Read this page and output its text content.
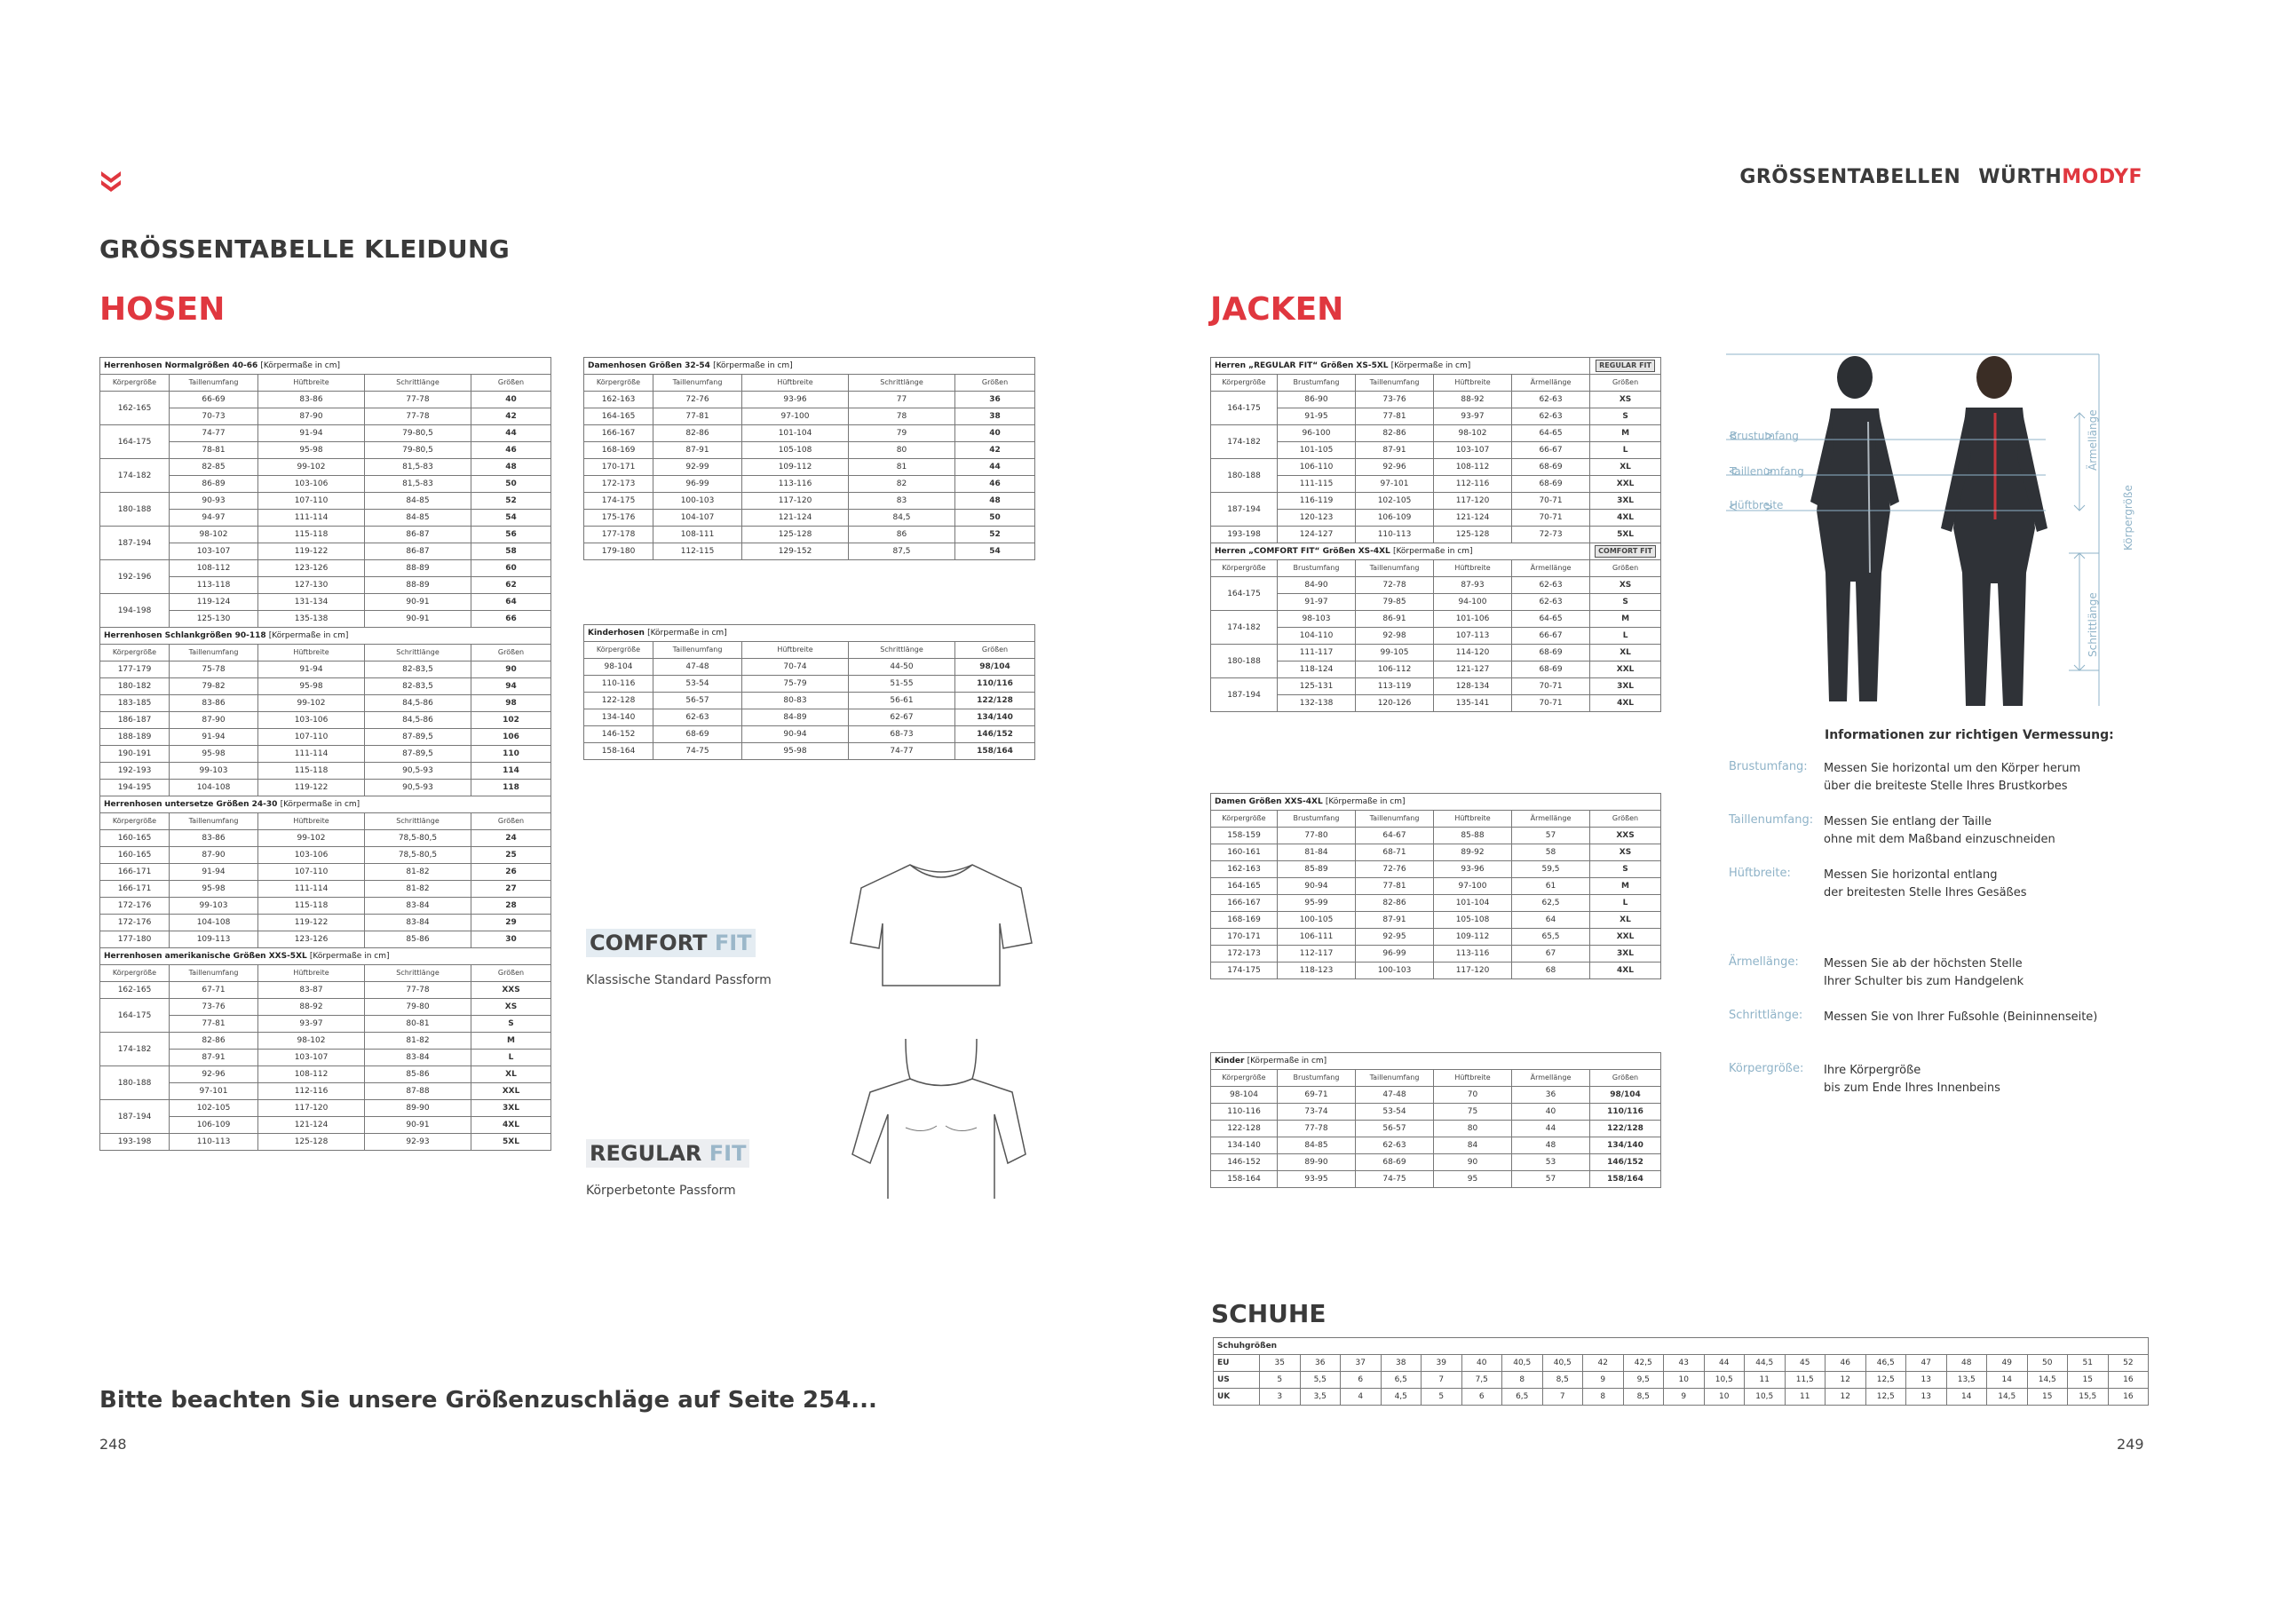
GRÖSSENTABELLEN WÜRTHMODYF
GRÖSSENTABELLE KLEIDUNG
HOSEN	JACKEN
SCHUHE
Herrenhosen Normalgrößen 40-66 [Körpermaße in cm]				
Körpergröße	Taillenumfang	Hüftbreite	Schrittlänge	Größen
162-165	66-69	83-86	77-78	40
	70-73	87-90	77-78	42
164-175	74-77	91-94	79-80,5	44
	78-81	95-98	79-80,5	46
174-182	82-85	99-102	81,5-83	48
	86-89	103-106	81,5-83	50
180-188	90-93	107-110	84-85	52
	94-97	111-114	84-85	54
187-194	98-102	115-118	86-87	56
	103-107	119-122	86-87	58
192-196	108-112	123-126	88-89	60
	113-118	127-130	88-89	62
194-198	119-124	131-134	90-91	64
	125-130	135-138	90-91	66
Herrenhosen Schlankgrößen 90-118 [Körpermaße in cm]				
Körpergröße	Taillenumfang	Hüftbreite	Schrittlänge	Größen
177-179	75-78	91-94	82-83,5	90
180-182	79-82	95-98	82-83,5	94
183-185	83-86	99-102	84,5-86	98
186-187	87-90	103-106	84,5-86	102
188-189	91-94	107-110	87-89,5	106
190-191	95-98	111-114	87-89,5	110
192-193	99-103	115-118	90,5-93	114
194-195	104-108	119-122	90,5-93	118
Herrenhosen untersetze Größen 24-30 [Körpermaße in cm]				
Körpergröße	Taillenumfang	Hüftbreite	Schrittlänge	Größen
160-165	83-86	99-102	78,5-80,5	24
160-165	87-90	103-106	78,5-80,5	25
166-171	91-94	107-110	81-82	26
166-171	95-98	111-114	81-82	27
172-176	99-103	115-118	83-84	28
172-176	104-108	119-122	83-84	29
177-180	109-113	123-126	85-86	30
Herrenhosen amerikanische Größen XXS-5XL [Körpermaße in cm]				
Körpergröße	Taillenumfang	Hüftbreite	Schrittlänge	Größen
162-165	67-71	83-87	77-78	XXS
164-175	73-76	88-92	79-80	XS
	77-81	93-97	80-81	S
174-182	82-86	98-102	81-82	M
	87-91	103-107	83-84	L
180-188	92-96	108-112	85-86	XL
	97-101	112-116	87-88	XXL
187-194	102-105	117-120	89-90	3XL
	106-109	121-124	90-91	4XL
193-198	110-113	125-128	92-93	5XL
Damenhosen Größen 32-54 [Körpermaße in cm]				
Körpergröße	Taillenumfang	Hüftbreite	Schrittlänge	Größen
162-163	72-76	93-96	77	36
164-165	77-81	97-100	78	38
166-167	82-86	101-104	79	40
168-169	87-91	105-108	80	42
170-171	92-99	109-112	81	44
172-173	96-99	113-116	82	46
174-175	100-103	117-120	83	48
175-176	104-107	121-124	84,5	50
177-178	108-111	125-128	86	52
179-180	112-115	129-152	87,5	54
Kinderhosen [Körpermaße in cm]				
Körpergröße	Taillenumfang	Hüftbreite	Schrittlänge	Größen
98-104	47-48	70-74	44-50	98/104
110-116	53-54	75-79	51-55	110/116
122-128	56-57	80-83	56-61	122/128
134-140	62-63	84-89	62-67	134/140
146-152	68-69	90-94	68-73	146/152
158-164	74-75	95-98	74-77	158/164
Herren „REGULAR FIT“ Größen XS-5XL [Körpermaße in cm]					REGULAR FIT
Körpergröße	Brustumfang	Taillenumfang	Hüftbreite	Ärmellänge	Größen
164-175	86-90	73-76	88-92	62-63	XS
	91-95	77-81	93-97	62-63	S
174-182	96-100	82-86	98-102	64-65	M
	101-105	87-91	103-107	66-67	L
180-188	106-110	92-96	108-112	68-69	XL
	111-115	97-101	112-116	68-69	XXL
187-194	116-119	102-105	117-120	70-71	3XL
	120-123	106-109	121-124	70-71	4XL
193-198	124-127	110-113	125-128	72-73	5XL
Herren „COMFORT FIT“ Größen XS-4XL [Körpermaße in cm]					COMFORT FIT
Körpergröße	Brustumfang	Taillenumfang	Hüftbreite	Ärmellänge	Größen
164-175	84-90	72-78	87-93	62-63	XS
	91-97	79-85	94-100	62-63	S
174-182	98-103	86-91	101-106	64-65	M
	104-110	92-98	107-113	66-67	L
180-188	111-117	99-105	114-120	68-69	XL
	118-124	106-112	121-127	68-69	XXL
187-194	125-131	113-119	128-134	70-71	3XL
	132-138	120-126	135-141	70-71	4XL
Damen Größen XXS-4XL [Körpermaße in cm]					
Körpergröße	Brustumfang	Taillenumfang	Hüftbreite	Ärmellänge	Größen
158-159	77-80	64-67	85-88	57	XXS
160-161	81-84	68-71	89-92	58	XS
162-163	85-89	72-76	93-96	59,5	S
164-165	90-94	77-81	97-100	61	M
166-167	95-99	82-86	101-104	62,5	L
168-169	100-105	87-91	105-108	64	XL
170-171	106-111	92-95	109-112	65,5	XXL
172-173	112-117	96-99	113-116	67	3XL
174-175	118-123	100-103	117-120	68	4XL
Kinder [Körpermaße in cm]					
Körpergröße	Brustumfang	Taillenumfang	Hüftbreite	Ärmellänge	Größen
98-104	69-71	47-48	70	36	98/104
110-116	73-74	53-54	75	40	110/116
122-128	77-78	56-57	80	44	122/128
134-140	84-85	62-63	84	48	134/140
146-152	89-90	68-69	90	53	146/152
158-164	93-95	74-75	95	57	158/164
COMFORT FIT
Klassische Standard Passform
REGULAR FIT
Körperbetonte Passform
Brustumfang
Taillenumfang
Hüftbreite
Ärmellänge
Körpergröße
Schrittlänge
Informationen zur richtigen Vermessung:
Brustumfang: Messen Sie horizontal um den Körper herum
über die breiteste Stelle Ihres Brustkorbes
Taillenumfang: Messen Sie entlang der Taille
ohne mit dem Maßband einzuschneiden
Hüftbreite:	Messen Sie horizontal entlang
der breitesten Stelle Ihres Gesäßes
Ärmellänge: Messen Sie ab der höchsten Stelle
Ihrer Schulter bis zum Handgelenk
Schrittlänge: Messen Sie von Ihrer Fußsohle (Beininnenseite)
Körpergröße: Ihre Körpergröße
bis zum Ende Ihres Innenbeins
Schuhgrößen																						
EU	35	36	37	38	39	40	40,5	40,5	42	42,5	43	44	44,5	45	46	46,5	47	48	49	50	51	52
US	5	5,5	6	6,5	7	7,5	8	8,5	9	9,5	10	10,5	11	11,5	12	12,5	13	13,5	14	14,5	15	16
UK	3	3,5	4	4,5	5	6	6,5	7	8	8,5	9	10	10,5	11	12	12,5	13	14	14,5	15	15,5	16
Bitte beachten Sie unsere Größenzuschläge auf Seite 254...
248	249
